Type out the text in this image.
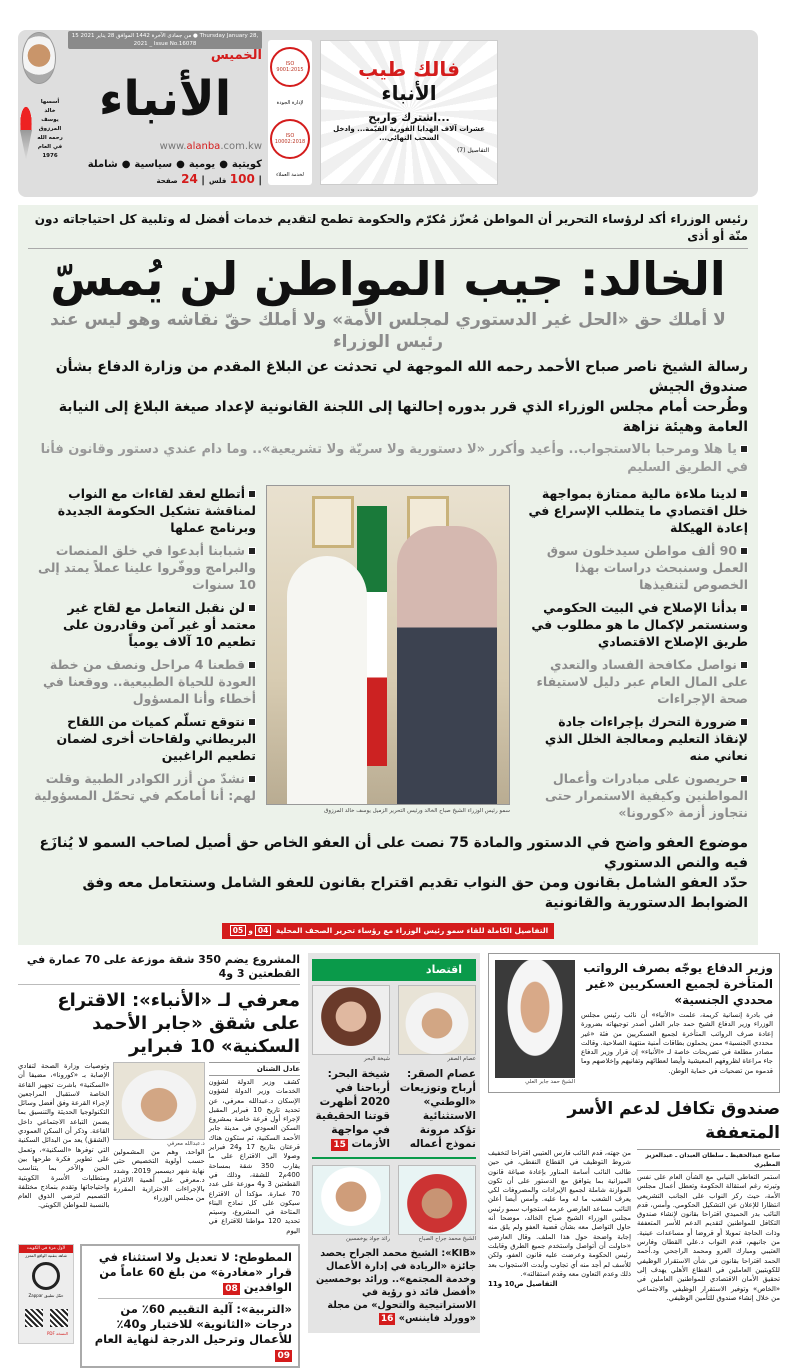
15 من جمادى الآخرة 1442 الموافق 28 يناير 2021 ● Thursday January 28, 2021 _ Issue No.16078
أسسها
خالد يوسف
المرزوق
رحمه الله
في العام
1976
الخميس
الأنباء
www.alanba.com.kw
كويتية
●
يومية
●
سياسية
●
شاملة
| 100 فلس
| 24 صفحة
ISO 9001:2015
لإدارة الجودة
ISO 10002:2018
لخدمة العملاء
فالك طيب
الأنباء
اشترك واربح...
عشرات آلاف الهدايا الفورية القيّمة... وادخل السحب النهائي...
التفاصيل (7)
رئيس الوزراء أكد لرؤساء التحرير أن المواطن مُعزّز مُكرّم والحكومة تطمح لتقديم خدمات أفضل له وتلبية كل احتياجاته دون منّة أو أذى
الخالد: جيب المواطن لن يُمسّ
لا أملك حق «الحل غير الدستوري لمجلس الأمة» ولا أملك حقّ نقاشه وهو ليس عند رئيس الوزراء
رسالة الشيخ ناصر صباح الأحمد رحمه الله الموجهة لي تحدثت عن البلاغ المقدم من وزارة الدفاع بشأن صندوق الجيش
وطُرحت أمام مجلس الوزراء الذي قرر بدوره إحالتها إلى اللجنة القانونية لإعداد صيغة البلاغ إلى النيابة العامة وهيئة نزاهة
يا هلا ومرحبا بالاستجواب.. وأعيد وأكرر «لا دستورية ولا سريّة ولا تشريعية».. وما دام عندي دستور وقانون فأنا في الطريق السليم

لدينا ملاءة مالية ممتازة بمواجهة خلل اقتصادي ما يتطلب الإسراع في إعادة الهيكلة

90 ألف مواطن سيدخلون سوق العمل وسنبحث دراسات بهذا الخصوص لتنفيذها

بدأنا الإصلاح في البيت الحكومي وسنستمر لإكمال ما هو مطلوب في طريق الإصلاح الاقتصادي

نواصل مكافحة الفساد والتعدي على المال العام عبر دليل لاستيفاء صحة الإجراءات

ضرورة التحرك بإجراءات جادة لإنقاذ التعليم ومعالجة الخلل الذي نعاني منه

حريصون على مبادرات وأعمال المواطنين وكيفية الاستمرار حتى نتجاوز أزمة «كورونا»

سمو رئيس الوزراء الشيخ صباح الخالد ورئيس التحرير الزميل يوسف خالد المرزوق

أتطلع لعقد لقاءات مع النواب لمناقشة تشكيل الحكومة الجديدة وبرنامج عملها

شبابنا أبدعوا في خلق المنصات والبرامج ووفّروا علينا عملاً يمتد إلى 10 سنوات

لن نقبل التعامل مع لقاح غير معتمد أو غير آمن وقادرون على تطعيم 10 آلاف يومياً

قطعنا 4 مراحل ونصف من خطة العودة للحياة الطبيعية.. ووقعنا في أخطاء وأنا المسؤول

نتوقع تسلّم كميات من اللقاح البريطاني ولقاحات أخرى لضمان تطعيم الراغبين

نشدّ من أزر الكوادر الطبية وقلت لهم: أنا أمامكم في تحمّل المسؤولية

موضوع العفو واضح في الدستور والمادة 75 نصت على أن العفو الخاص حق أصيل لصاحب السمو لا يُنازَع فيه والنص الدستوري
حدّد العفو الشامل بقانون ومن حق النواب تقديم اقتراح بقانون للعفو الشامل وسنتعامل معه وفق الضوابط الدستورية والقانونية
التفاصيل الكاملة للقاء سمو رئيس الوزراء مع رؤساء تحرير الصحف المحلية 04و05
المشروع يضم 350 شقة موزعة على 70 عمارة في القطعتين 3 و4
معرفي لـ «الأنباء»: الاقتراع على شقق «جابر الأحمد السكنية» 10 فبراير
عادل الشنان
كشف وزير الدولة لشؤون الخدمات وزير الدولة لشؤون الإسكان د.عبدالله معرفي، عن تحديد تاريخ 10 فبراير المقبل لإجراء أول قرعة خاصة بمشروع السكن العمودي في مدينة جابر الأحمد السكنية، ثم ستكون هناك قرعتان بتاريخ 17 و24 فبراير وصولا الى الاقتراع على ما يقارب 350 شقة بمساحة 400م2 للشقة، وذلك في القطعتين 3 و4 موزعة على عدد 70 عمارة. مؤكدا أن الاقتراع سيكون على كل نماذج البناء المتاحة في المشروع، وسيتم تحديد 120 مواطنا للاقتراع في اليوم
د.عبدالله معرفي
الواحد، وهم من المشمولين حسب أولوية التخصيص حتى نهاية شهر ديسمبر 2019. وشدد د.معرفي على أهمية الالتزام بالإجراءات الاحترازية المقررة من مجلس الوزراء
وتوصيات وزارة الصحة لتفادي الإصابة بـ «كورونا»، مضيفا أن «السكنية» باشرت تجهيز القاعة الخاصة لاستقبال المراجعين لإجراء القرعة وفق أفضل وسائل التكنولوجيا الحديثة والتنسيق بما يضمن التباعد الاجتماعي داخل القاعة. وذكر أن السكن العمودي (الشقق) يعد من البدائل السكنية التي توفرها «السكنية»، وتعمل على تطوير فكرة طرحها بين الحين والآخر بما يتناسب ومتطلبات الأسرة الكويتية واحتياجاتها وتقدم بنماذج مختلفة التصميم لترضي الذوق العام بالنسبة للمواطن الكويتي.
المطوطح: لا تعديل ولا استثناء في قرار «مغادرة» من بلغ 60 عاماً من الوافدين 08
«التربية»: آلية التقييم 60٪ من درجات «الثانوية» للاختبار و40٪ للأعمال وترحيل الدرجة لنهاية العام 09
لأول مرة في الكويت
شاهد بتقنية الواقع المعزز
حمّل تطبيق Zappar
النسخة PDF
اقتصاد
عصام الصقر
شيخة البحر
عصام الصقر: أرباح وتوزيعات «الوطني» الاستثنائية تؤكد مرونة نموذج أعماله
شيخة البحر: أرباحنا في 2020 أظهرت قوتنا الحقيقية في مواجهة الأزمات 15
الشيخ محمد جراح الصباح
رائد جواد بوخمسين
«KIB»: الشيخ محمد الجراح يحصد جائزة «الريادة في إدارة الأعمال وخدمة المجتمع».. ورائد بوخمسين «أفضل قائد ذو رؤية في الاستراتيجية والتحول» من مجلة «وورلد فايننس» 16
وزير الدفاع يوجّه بصرف الرواتب المتأخرة لجميع العسكريين «غير محددي الجنسية»
في بادرة إنسانية كريمة، علمت «الأنباء» أن نائب رئيس مجلس الوزراء وزير الدفاع الشيخ حمد جابر العلي أصدر توجيهاته بضرورة إعادة صرف الرواتب المتأخرة لجميع العسكريين من فئة «غير محددي الجنسية» ممن يحملون بطاقات أمنية منتهية الصلاحية. وقالت مصادر مطلعة في تصريحات خاصة لـ «الأنباء» إن قرار وزير الدفاع جاء مراعاة لظروفهم المعيشية وأيضا لعطائهم وتفانيهم وإخلاصهم وما قدموه من تضحيات في حماية الوطن.
الشيخ حمد جابر العلي
صندوق تكافل لدعم الأسر المتعففة
سامح عبدالحفيظ ـ سلطان العبدان ـ عبدالعزيز المطيري
استمر التعاطي النيابي مع الشأن العام على نفس وتيرته رغم استقالة الحكومة وتعطل أعمال مجلس الأمة، حيث ركز النواب على الجانب التشريعي انتظارا للإعلان عن التشكيل الحكومي. وأمس، قدم النائب بدر الحميدي اقتراحا بقانون لإنشاء صندوق التكافل للمواطنين لتقديم الدعم للأسر المتعففة وذات الحاجة تمويلا أو قروضا أو مساعدات عينية. من جانبهم، قدم النواب د.علي القطان وفارس العتيبي ومبارك العرو ومحمد الراجحي ود.أحمد الحمد اقتراحا بقانون في شأن الاستقرار الوظيفي للكويتيين العاملين في القطاع الأهلي يهدف إلى تحقيق الأمان الاقتصادي للمواطنين العاملين في «الخاص» وتوفير الاستقرار الوظيفي والاجتماعي من خلال إنشاء صندوق للتأمين الوظيفي.
من جهته، قدم النائب فارس العتيبي اقتراحا لتخفيف شروط التوظيف في القطاع النفطي، في حين طالب النائب أسامة المناور بإعادة صياغة قانون الميزانية بما يتوافق مع الدستور على أن تكون الموازنة شاملة لجميع الإيرادات والمصروفات لكي يعرف الشعب ما له وما عليه. وأمس أيضا أعلن النائب مساعد العارضي عزمه استجواب سمو رئيس مجلس الوزراء الشيخ صباح الخالد، موضحا أنه حاول التواصل معه بشأن قضية العفو ولم يلق منه إجابة واضحة حول هذا الملف. وقال العارضي «حاولت أن أتواصل واستخدم جميع الطرق وقابلت رئيس الحكومة وعرضت عليه قانون العفو، ولكن للأسف لم أجد منه أي تجاوب وأيدت الاستجواب بعد ذلك وعدم التعاون معه وقدم استقالته».
التفاصيل ص10 و11
